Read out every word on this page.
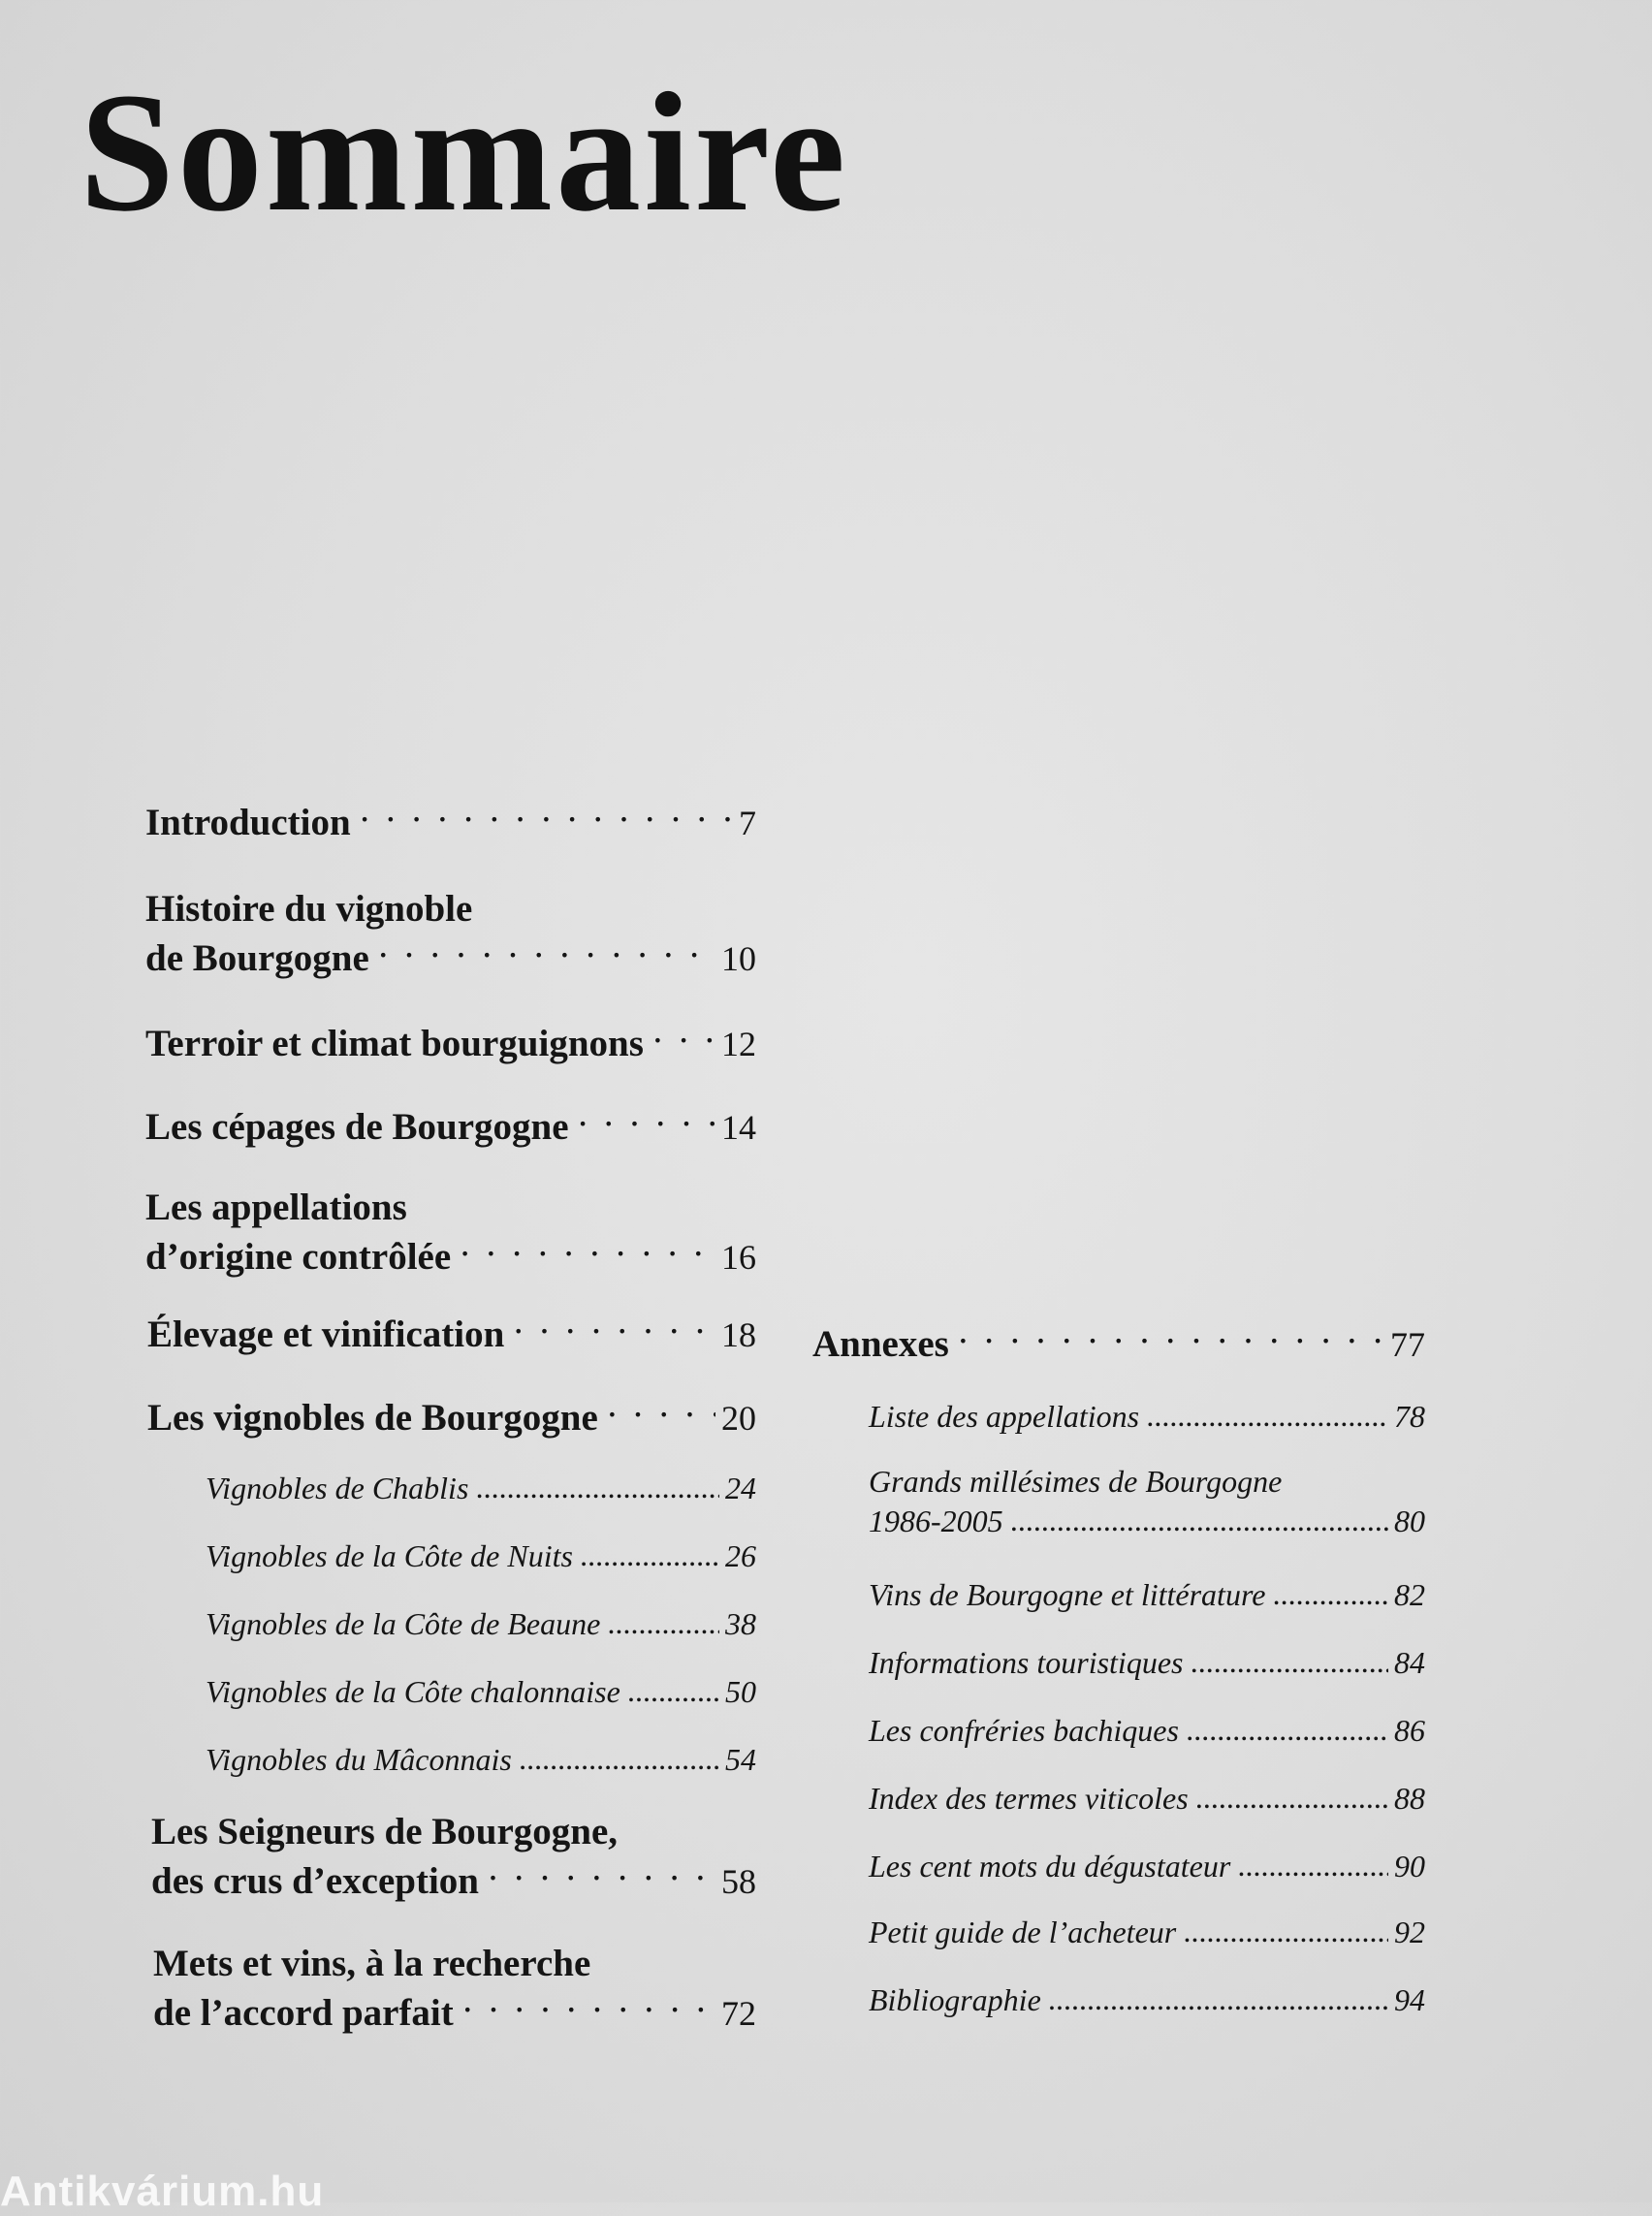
Sommaire
Introduction · · ·	7
Histoire du vignoble
de Bourgogne · · ·	10
Terroir et climat bourguignons · · · 12
Les cépages de Bourgogne · · ·	14
Les appellations
d’origine contrôlée · · ·	16
Élevage et vinification · · ·	18
Les vignobles de Bourgogne · · ·	20
Vignobles de Chablis .....	24
Vignobles de la Côte de Nuits .....	26
Vignobles de la Côte de Beaune .....	38
Vignobles de la Côte chalonnaise .....	50
Vignobles du Mâconnais .....	54
Les Seigneurs de Bourgogne,
des crus d’exception · · ·	58
Mets et vins, à la recherche
de l’accord parfait · · ·	72
Annexes · · ·	77
Liste des appellations .....	78
Grands millésimes de Bourgogne
1986-2005 .....	80
Vins de Bourgogne et littérature .....	82
Informations touristiques .....	84
Les confréries bachiques .....	86
Index des termes viticoles .....	88
Les cent mots du dégustateur .....	90
Petit guide de l’acheteur .....	92
Bibliographie .....	94
Antikvárium.hu
